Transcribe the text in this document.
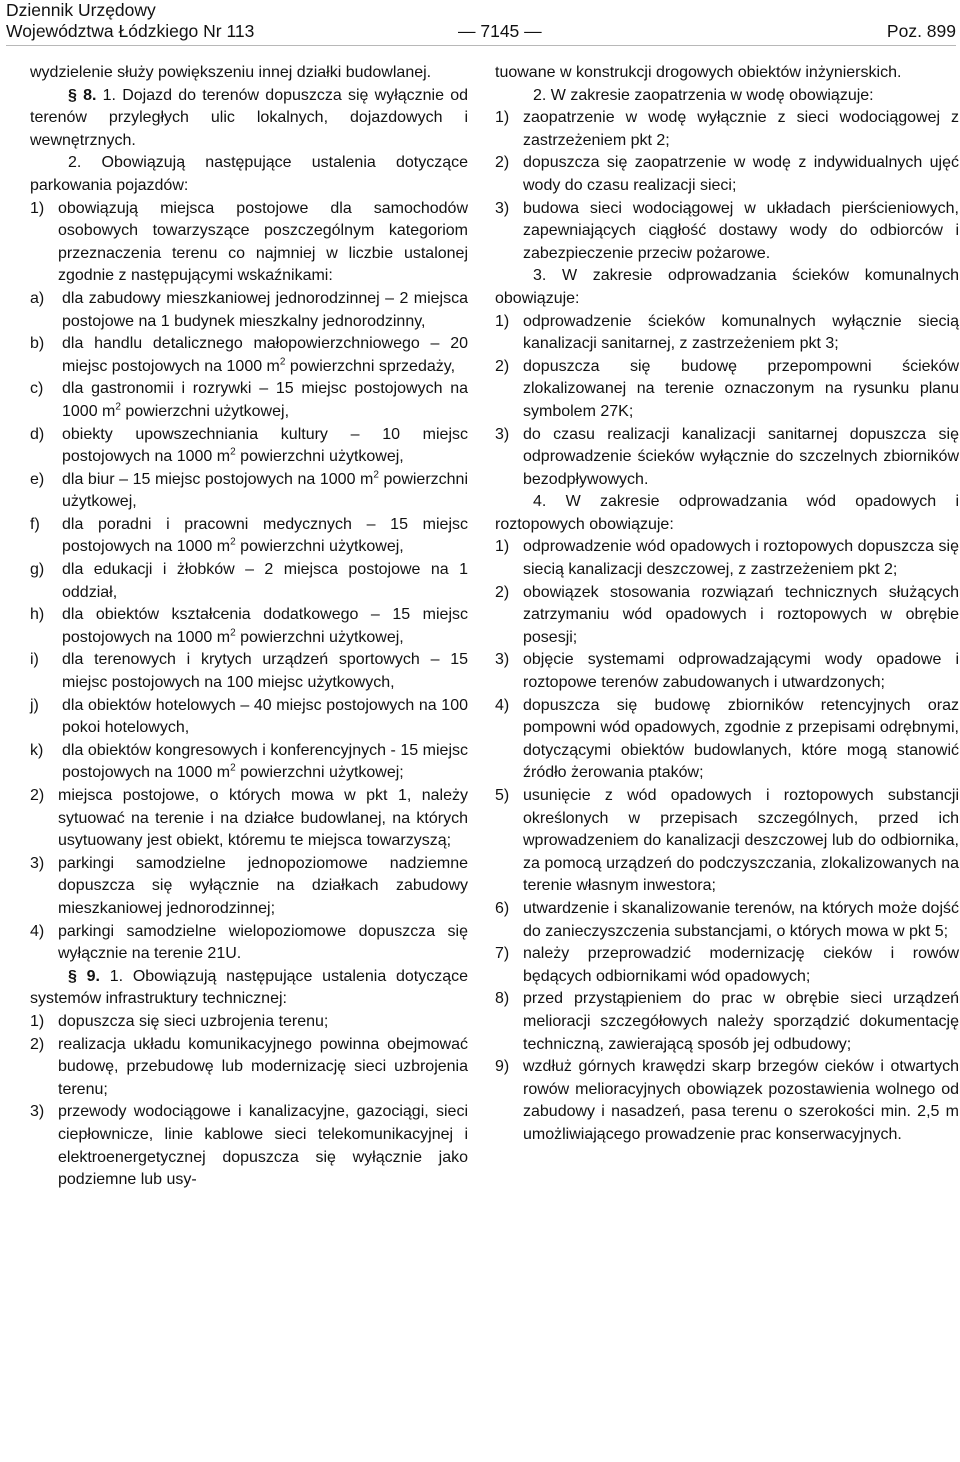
Dziennik Urzędowy
Województwa Łódzkiego Nr 113	— 7145 —	Poz. 899

wydzielenie służy powiększeniu innej działki budowlanej.

§ 8. 1. Dojazd do terenów dopuszcza się wyłącznie od terenów przyległych ulic lokalnych, dojazdowych i wewnętrznych.

2. Obowiązują następujące ustalenia dotyczące parkowania pojazdów:

1) obowiązują miejsca postojowe dla samochodów osobowych towarzyszące poszczególnym kategoriom przeznaczenia terenu co najmniej w liczbie ustalonej zgodnie z następującymi wskaźnikami:
a) dla zabudowy mieszkaniowej jednorodzinnej – 2 miejsca postojowe na 1 budynek mieszkalny jednorodzinny,
b) dla handlu detalicznego małopowierzchniowego – 20 miejsc postojowych na 1000 $m^2$ powierzchni sprzedaży,
c) dla gastronomii i rozrywki – 15 miejsc postojowych na 1000 $m^2$ powierzchni użytkowej,
d) obiekty upowszechniania kultury – 10 miejsc postojowych na 1000 $m^2$ powierzchni użytkowej,
e) dla biur – 15 miejsc postojowych na 1000 $m^2$ powierzchni użytkowej,
f) dla poradni i pracowni medycznych – 15 miejsc postojowych na 1000 $m^2$ powierzchni użytkowej,
g) dla edukacji i żłobków – 2 miejsca postojowe na 1 oddział,
h) dla obiektów kształcenia dodatkowego – 15 miejsc postojowych na 1000 $m^2$ powierzchni użytkowej,
i) dla terenowych i krytych urządzeń sportowych – 15 miejsc postojowych na 100 miejsc użytkowych,
j) dla obiektów hotelowych – 40 miejsc postojowych na 100 pokoi hotelowych,
k) dla obiektów kongresowych i konferencyjnych - 15 miejsc postojowych na 1000 $m^2$ powierzchni użytkowej;
2) miejsca postojowe, o których mowa w pkt 1, należy sytuować na terenie i na działce budowlanej, na których usytuowany jest obiekt, któremu te miejsca towarzyszą;
3) parkingi samodzielne jednopoziomowe nadziemne dopuszcza się wyłącznie na działkach zabudowy mieszkaniowej jednorodzinnej;
4) parkingi samodzielne wielopoziomowe dopuszcza się wyłącznie na terenie 21U.

§ 9. 1. Obowiązują następujące ustalenia dotyczące systemów infrastruktury technicznej:

1) dopuszcza się sieci uzbrojenia terenu;
2) realizacja układu komunikacyjnego powinna obejmować budowę, przebudowę lub modernizację sieci uzbrojenia terenu;
3) przewody wodociągowe i kanalizacyjne, gazociągi, sieci ciepłownicze, linie kablowe sieci telekomunikacyjnej i elektroenergetycznej dopuszcza się wyłącznie jako podziemne lub usy-

tuowane w konstrukcji drogowych obiektów inżynierskich.

2. W zakresie zaopatrzenia w wodę obowiązuje:

1) zaopatrzenie w wodę wyłącznie z sieci wodociągowej z zastrzeżeniem pkt 2;
2) dopuszcza się zaopatrzenie w wodę z indywidualnych ujęć wody do czasu realizacji sieci;
3) budowa sieci wodociągowej w układach pierścieniowych, zapewniających ciągłość dostawy wody do odbiorców i zabezpieczenie przeciw pożarowe.

3. W zakresie odprowadzania ścieków komunalnych obowiązuje:

1) odprowadzenie ścieków komunalnych wyłącznie siecią kanalizacji sanitarnej, z zastrzeżeniem pkt 3;
2) dopuszcza się budowę przepompowni ścieków zlokalizowanej na terenie oznaczonym na rysunku planu symbolem 27K;
3) do czasu realizacji kanalizacji sanitarnej dopuszcza się odprowadzenie ścieków wyłącznie do szczelnych zbiorników bezodpływowych.

4. W zakresie odprowadzania wód opadowych i roztopowych obowiązuje:

1) odprowadzenie wód opadowych i roztopowych dopuszcza się siecią kanalizacji deszczowej, z zastrzeżeniem pkt 2;
2) obowiązek stosowania rozwiązań technicznych służących zatrzymaniu wód opadowych i roztopowych w obrębie posesji;
3) objęcie systemami odprowadzającymi wody opadowe i roztopowe terenów zabudowanych i utwardzonych;
4) dopuszcza się budowę zbiorników retencyjnych oraz pompowni wód opadowych, zgodnie z przepisami odrębnymi, dotyczącymi obiektów budowlanych, które mogą stanowić źródło żerowania ptaków;
5) usunięcie z wód opadowych i roztopowych substancji określonych w przepisach szczególnych, przed ich wprowadzeniem do kanalizacji deszczowej lub do odbiornika, za pomocą urządzeń do podczyszczania, zlokalizowanych na terenie własnym inwestora;
6) utwardzenie i skanalizowanie terenów, na których może dojść do zanieczyszczenia substancjami, o których mowa w pkt 5;
7) należy przeprowadzić modernizację cieków i rowów będących odbiornikami wód opadowych;
8) przed przystąpieniem do prac w obrębie sieci urządzeń melioracji szczegółowych należy sporządzić dokumentację techniczną, zawierającą sposób jej odbudowy;
9) wzdłuż górnych krawędzi skarp brzegów cieków i otwartych rowów melioracyjnych obowiązek pozostawienia wolnego od zabudowy i nasadzeń, pasa terenu o szerokości min. 2,5 m umożliwiającego prowadzenie prac konserwacyjnych.
